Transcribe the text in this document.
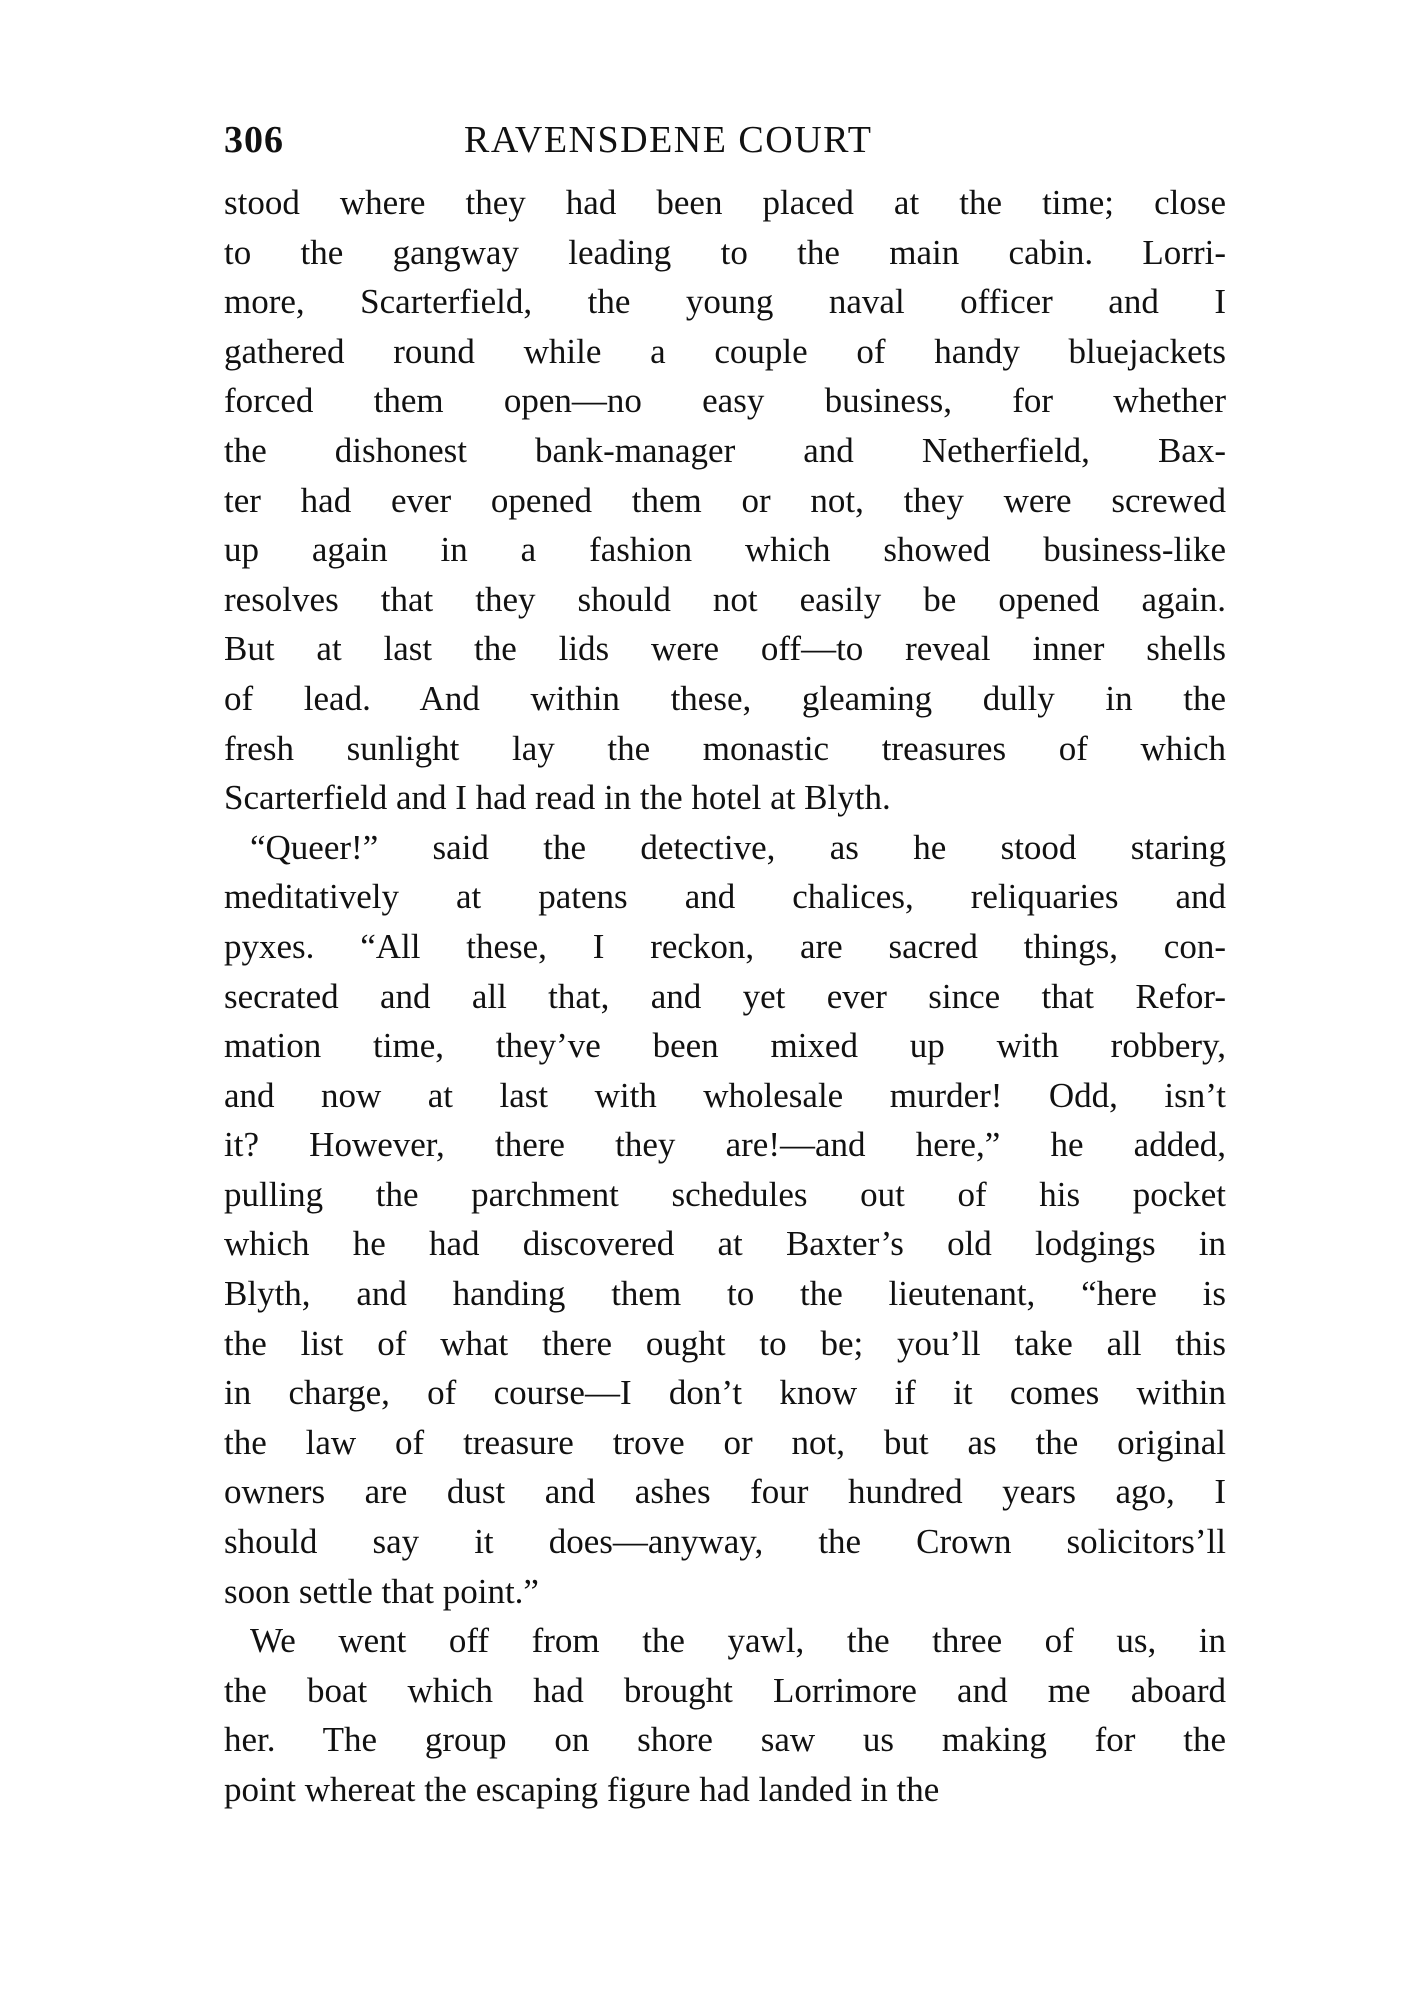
306	RAVENSDENE COURT
stood where they had been placed at the time; close
to the gangway leading to the main cabin. Lorri-
more, Scarterfield, the young naval officer and I
gathered round while a couple of handy bluejackets
forced them open—no easy business, for whether
the dishonest bank-manager and Netherfield, Bax-
ter had ever opened them or not, they were screwed
up again in a fashion which showed business-like
resolves that they should not easily be opened again.
But at last the lids were off—to reveal inner shells
of lead. And within these, gleaming dully in the
fresh sunlight lay the monastic treasures of which
Scarterfield and I had read in the hotel at Blyth.
“Queer!” said the detective, as he stood staring
meditatively at patens and chalices, reliquaries and
pyxes. “All these, I reckon, are sacred things, con-
secrated and all that, and yet ever since that Refor-
mation time, they’ve been mixed up with robbery,
and now at last with wholesale murder! Odd, isn’t
it? However, there they are!—and here,” he added,
pulling the parchment schedules out of his pocket
which he had discovered at Baxter’s old lodgings in
Blyth, and handing them to the lieutenant, “here is
the list of what there ought to be; you’ll take all this
in charge, of course—I don’t know if it comes within
the law of treasure trove or not, but as the original
owners are dust and ashes four hundred years ago, I
should say it does—anyway, the Crown solicitors’ll
soon settle that point.”
We went off from the yawl, the three of us, in
the boat which had brought Lorrimore and me aboard
her. The group on shore saw us making for the
point whereat the escaping figure had landed in the
